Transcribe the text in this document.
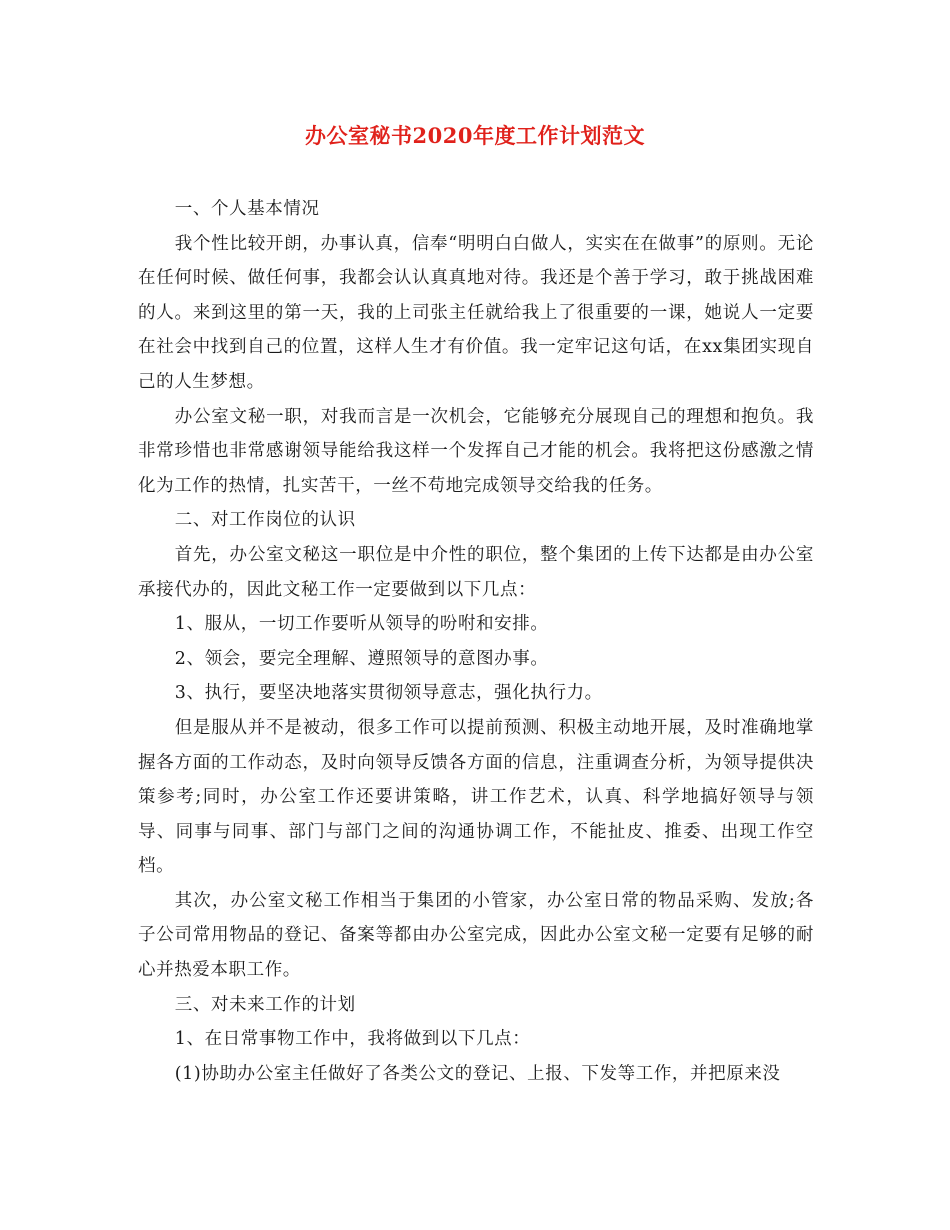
办公室秘书2020年度工作计划范文

一、个人基本情况

我个性比较开朗，办事认真，信奉“明明白白做人，实实在在做事”的原则。无论在任何时候、做任何事，我都会认认真真地对待。我还是个善于学习，敢于挑战困难的人。来到这里的第一天，我的上司张主任就给我上了很重要的一课，她说人一定要在社会中找到自己的位置，这样人生才有价值。我一定牢记这句话，在xx集团实现自己的人生梦想。

办公室文秘一职，对我而言是一次机会，它能够充分展现自己的理想和抱负。我非常珍惜也非常感谢领导能给我这样一个发挥自己才能的机会。我将把这份感激之情化为工作的热情，扎实苦干，一丝不苟地完成领导交给我的任务。

二、对工作岗位的认识

首先，办公室文秘这一职位是中介性的职位，整个集团的上传下达都是由办公室承接代办的，因此文秘工作一定要做到以下几点：

1、服从，一切工作要听从领导的吩咐和安排。

2、领会，要完全理解、遵照领导的意图办事。

3、执行，要坚决地落实贯彻领导意志，强化执行力。

但是服从并不是被动，很多工作可以提前预测、积极主动地开展，及时准确地掌握各方面的工作动态，及时向领导反馈各方面的信息，注重调查分析，为领导提供决策参考;同时，办公室工作还要讲策略，讲工作艺术，认真、科学地搞好领导与领导、同事与同事、部门与部门之间的沟通协调工作，不能扯皮、推委、出现工作空档。

其次，办公室文秘工作相当于集团的小管家，办公室日常的物品采购、发放;各子公司常用物品的登记、备案等都由办公室完成，因此办公室文秘一定要有足够的耐心并热爱本职工作。

三、对未来工作的计划

1、在日常事物工作中，我将做到以下几点：

(1)协助办公室主任做好了各类公文的登记、上报、下发等工作，并把原来没
